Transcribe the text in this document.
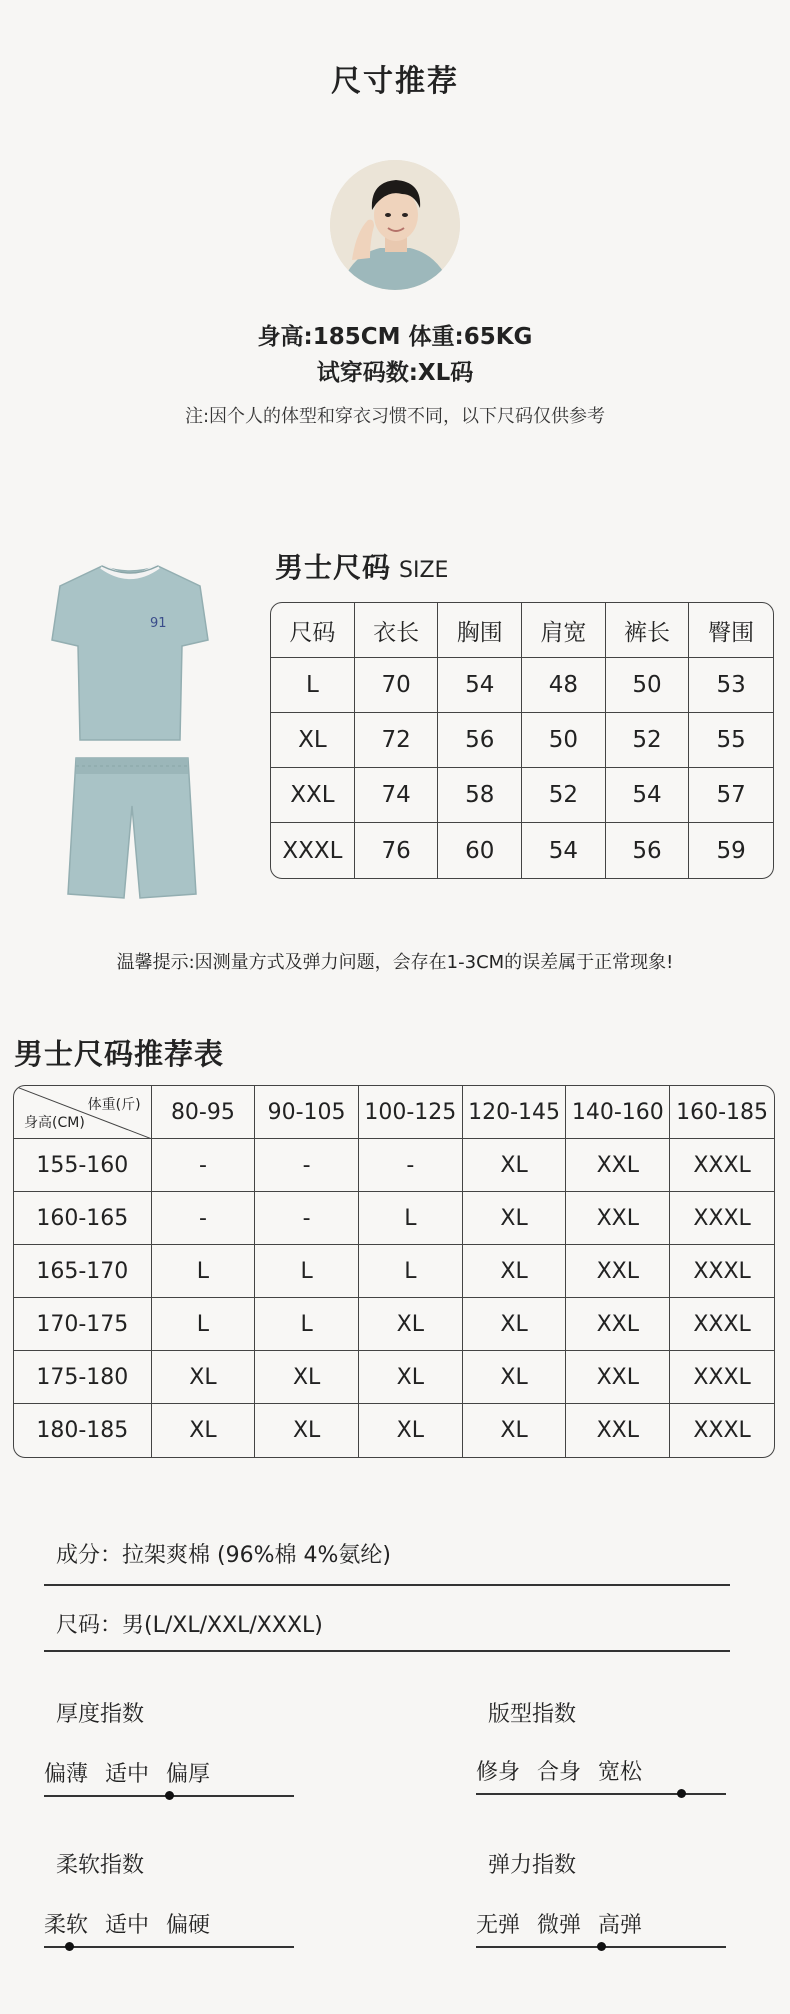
尺寸推荐
身高:185CM 体重:65KG
试穿码数:XL码
注:因个人的体型和穿衣习惯不同，以下尺码仅供参考
91
男士尺码 SIZE
尺码	衣长	胸围	肩宽	裤长	臀围
L	70	54	48	50	53
XL	72	56	50	52	55
XXL	74	58	52	54	57
XXXL	76	60	54	56	59
温馨提示:因测量方式及弹力问题，会存在1-3CM的误差属于正常现象!
男士尺码推荐表
体重(斤)
身高(CM)	80-95	90-105	100-125	120-145	140-160	160-185
155-160	-	-	-	XL	XXL	XXXL
160-165	-	-	L	XL	XXL	XXXL
165-170	L	L	L	XL	XXL	XXXL
170-175	L	L	XL	XL	XXL	XXXL
175-180	XL	XL	XL	XL	XXL	XXXL
180-185	XL	XL	XL	XL	XXL	XXXL
成分：拉架爽棉 (96%棉 4%氨纶)
尺码：男(L/XL/XXL/XXXL)
厚度指数
偏薄 适中 偏厚
版型指数
修身 合身 宽松
柔软指数
柔软 适中 偏硬
弹力指数
无弹 微弹 高弹
